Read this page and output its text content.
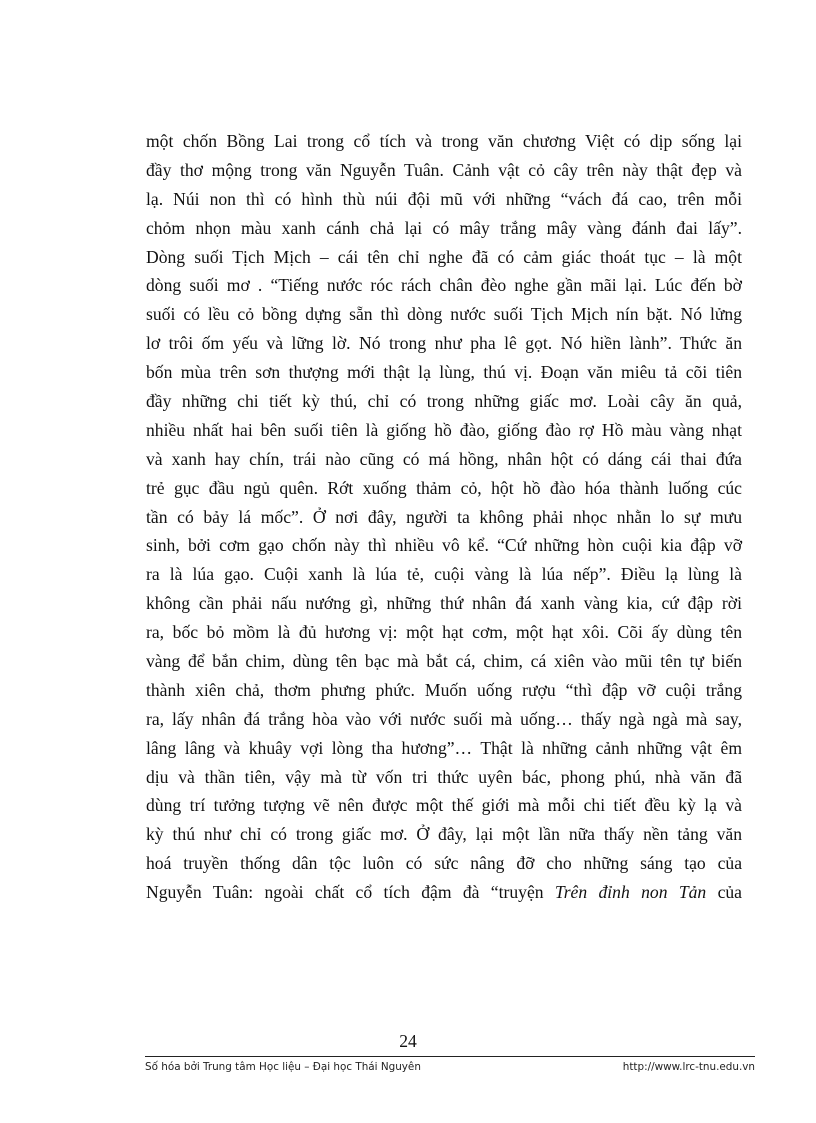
một chốn Bồng Lai trong cổ tích và trong văn chương Việt có dịp sống lại
đầy thơ mộng trong văn Nguyễn Tuân. Cảnh vật cỏ cây trên này thật đẹp và
lạ. Núi non thì có hình thù núi đội mũ với những “vách đá cao, trên mỗi
chỏm nhọn màu xanh cánh chả lại có mây trắng mây vàng đánh đai lấy”.
Dòng suối Tịch Mịch – cái tên chỉ nghe đã có cảm giác thoát tục – là một
dòng suối mơ . “Tiếng nước róc rách chân đèo nghe gần mãi lại. Lúc đến bờ
suối có lều cỏ bồng dựng sẵn thì dòng nước suối Tịch Mịch nín bặt. Nó lửng
lơ trôi ốm yếu và lững lờ. Nó trong như pha lê gọt. Nó hiền lành”. Thức ăn
bốn mùa trên sơn thượng mới thật lạ lùng, thú vị. Đoạn văn miêu tả cõi tiên
đầy những chi tiết kỳ thú, chỉ có trong những giấc mơ. Loài cây ăn quả,
nhiều nhất hai bên suối tiên là giống hồ đào, giống đào rợ Hồ màu vàng nhạt
và xanh hay chín, trái nào cũng có má hồng, nhân hột có dáng cái thai đứa
trẻ gục đầu ngủ quên. Rớt xuống thảm cỏ, hột hồ đào hóa thành luống cúc
tần có bảy lá mốc”. Ở nơi đây, người ta không phải nhọc nhằn lo sự mưu
sinh, bởi cơm gạo chốn này thì nhiều vô kể. “Cứ những hòn cuội kia đập vỡ
ra là lúa gạo. Cuội xanh là lúa tẻ, cuội vàng là lúa nếp”. Điều lạ lùng là
không cần phải nấu nướng gì, những thứ nhân đá xanh vàng kia, cứ đập rời
ra, bốc bỏ mồm là đủ hương vị: một hạt cơm, một hạt xôi. Cõi ấy dùng tên
vàng để bắn chim, dùng tên bạc mà bắt cá, chim, cá xiên vào mũi tên tự biến
thành xiên chả, thơm phưng phức. Muốn uống rượu “thì đập vỡ cuội trắng
ra, lấy nhân đá trắng hòa vào với nước suối mà uống… thấy ngà ngà mà say,
lâng lâng và khuây vợi lòng tha hương”… Thật là những cảnh những vật êm
dịu và thần tiên, vậy mà từ vốn tri thức uyên bác, phong phú, nhà văn đã
dùng trí tưởng tượng vẽ nên được một thế giới mà mỗi chi tiết đều kỳ lạ và
kỳ thú như chỉ có trong giấc mơ. Ở đây, lại một lần nữa thấy nền tảng văn
hoá truyền thống dân tộc luôn có sức nâng đỡ cho những sáng tạo của
Nguyễn Tuân: ngoài chất cổ tích đậm đà “truyện Trên đỉnh non Tản của
24
Số hóa bởi Trung tâm Học liệu – Đại học Thái Nguyên	http://www.lrc-tnu.edu.vn
